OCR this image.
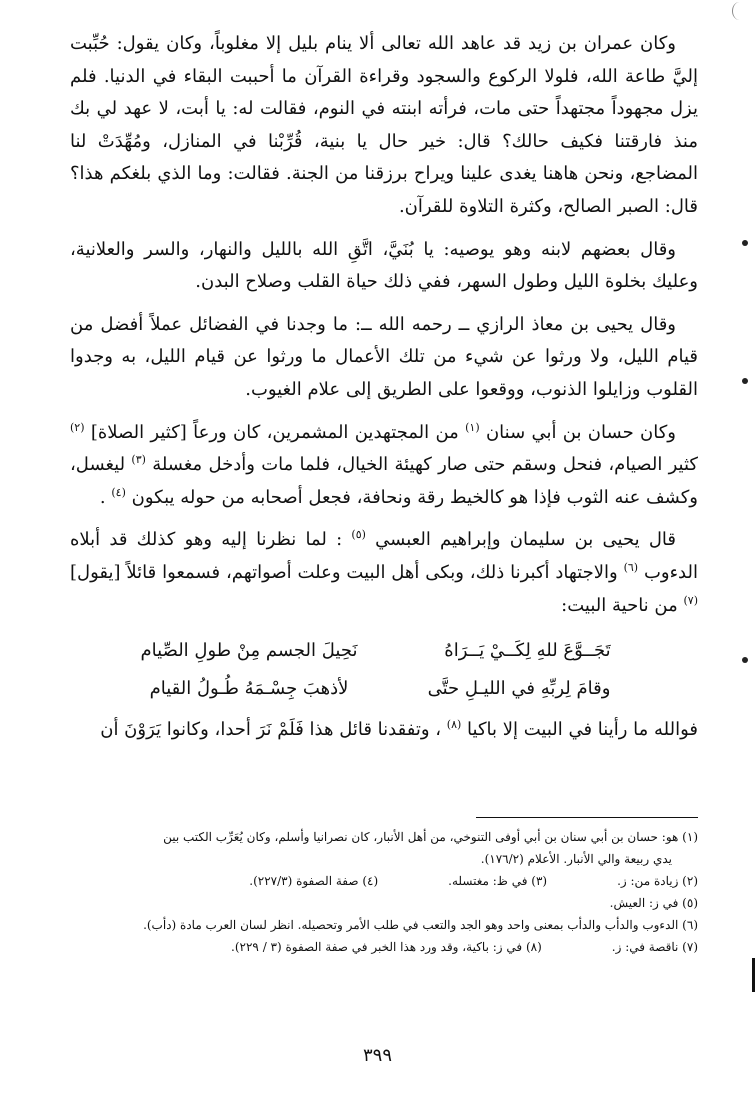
وكان عمران بن زيد قد عاهد الله تعالى ألا ينام بليل إلا مغلوباً، وكان يقول: حُبِّبت إليَّ طاعة الله، فلولا الركوع والسجود وقراءة القرآن ما أحببت البقاء في الدنيا. فلم يزل مجهوداً مجتهداً حتى مات، فرأته ابنته في النوم، فقالت له: يا أبت، لا عهد لي بك منذ فارقتنا فكيف حالك؟ قال: خير حال يا بنية، قُرِّبْنا في المنازل، ومُهِّدَتْ لنا المضاجع، ونحن هاهنا يغدى علينا ويراح برزقنا من الجنة. فقالت: وما الذي بلغكم هذا؟ قال: الصبر الصالح، وكثرة التلاوة للقرآن.

وقال بعضهم لابنه وهو يوصيه: يا بُنَيَّ، اتَّقِ الله بالليل والنهار، والسر والعلانية، وعليك بخلوة الليل وطول السهر، ففي ذلك حياة القلب وصلاح البدن.

وقال يحيى بن معاذ الرازي ــ رحمه الله ــ: ما وجدنا في الفضائل عملاً أفضل من قيام الليل، ولا ورثوا عن شيء من تلك الأعمال ما ورثوا عن قيام الليل، به وجدوا القلوب وزايلوا الذنوب، ووقعوا على الطريق إلى علام الغيوب.

وكان حسان بن أبي سنان $^{(١)}$ من المجتهدين المشمرين، كان ورعاً [كثير الصلاة] $^{(٢)}$ كثير الصيام، فنحل وسقم حتى صار كهيئة الخيال، فلما مات وأدخل مغسلة $^{(٣)}$ ليغسل، وكشف عنه الثوب فإذا هو كالخيط رقة ونحافة، فجعل أصحابه من حوله يبكون $^{(٤)}$ .

قال يحيى بن سليمان وإبراهيم العبسي $^{(٥)}$ : لما نظرنا إليه وهو كذلك قد أبلاه الدءوب $^{(٦)}$ والاجتهاد أكبرنا ذلك، وبكى أهل البيت وعلت أصواتهم، فسمعوا قائلاً [يقول] $^{(٧)}$ من ناحية البيت:

تَجَــوَّعَ للهِ لِكَــيْ يَــرَاهُ
نَحِيلَ الجسم مِنْ طولِ الصِّيام
وقامَ لِربِّهِ في الليـلِ حتَّى
لأذهبَ جِسْـمَهُ طُـولُ القيام

فوالله ما رأينا في البيت إلا باكيا $^{(٨)}$ ، وتفقدنا قائل هذا فَلَمْ نَرَ أحدا، وكانوا يَرَوْنَ أن

(١) هو: حسان بن أبي سنان بن أبي أوفى التنوخي، من أهل الأنبار، كان نصرانيا وأسلم، وكان يُعَرِّب الكتب بين

يدي ربيعة والي الأنبار. الأعلام (١٧٦/٢).

(٢) زيادة من: ز.
(٣) في ظ: مغتسله.
(٤) صفة الصفوة (٢٢٧/٣).

(٥) في ز: العيش.

(٦) الدءوب والدأب والدأب بمعنى واحد وهو الجد والتعب في طلب الأمر وتحصيله. انظر لسان العرب مادة (دأب).

(٧) ناقصة في: ز.
(٨) في ز: باكية، وقد ورد هذا الخبر في صفة الصفوة (٣ / ٢٢٩).
٣٩٩
